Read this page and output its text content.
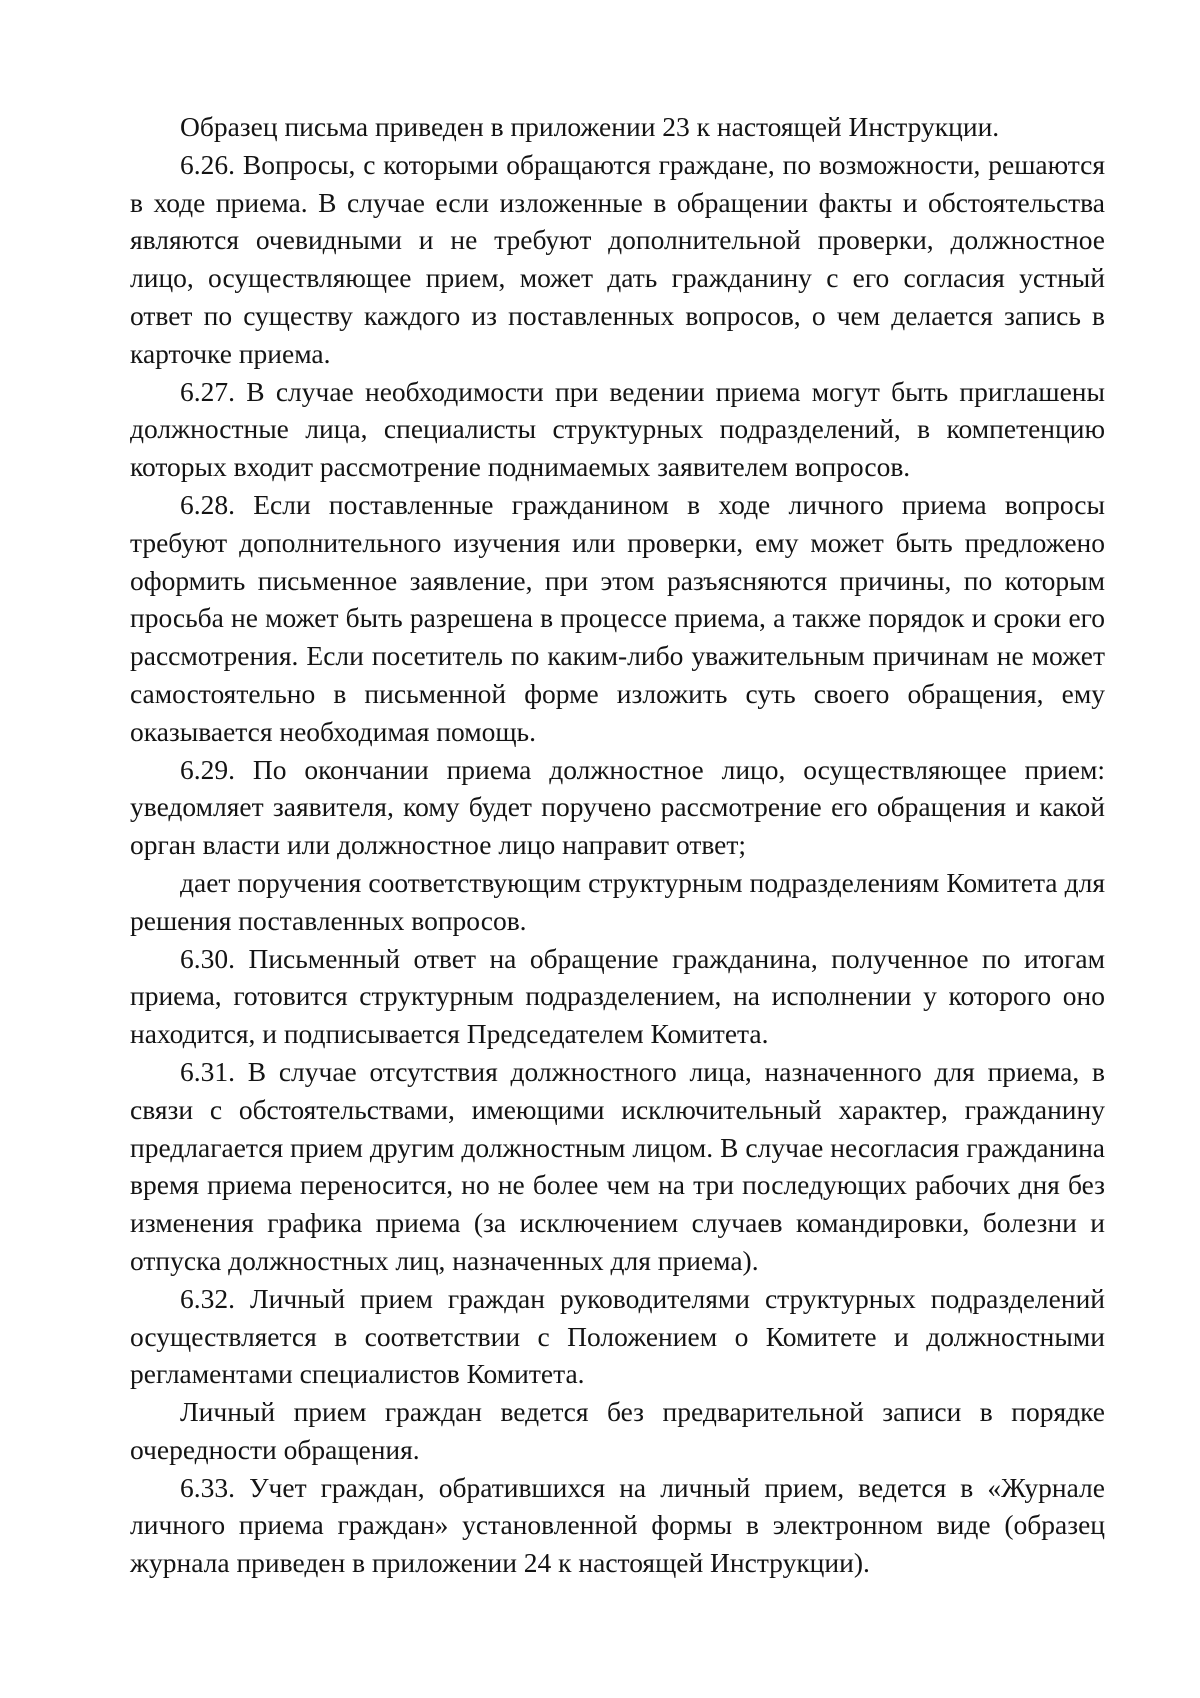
Образец письма приведен в приложении 23 к настоящей Инструкции.

6.26. Вопросы, с которыми обращаются граждане, по возможности, решаются в ходе приема. В случае если изложенные в обращении факты и обстоятельства являются очевидными и не требуют дополнительной проверки, должностное лицо, осуществляющее прием, может дать гражданину с его согласия устный ответ по существу каждого из поставленных вопросов, о чем делается запись в карточке приема.

6.27. В случае необходимости при ведении приема могут быть приглашены должностные лица, специалисты структурных подразделений, в компетенцию которых входит рассмотрение поднимаемых заявителем вопросов.

6.28. Если поставленные гражданином в ходе личного приема вопросы требуют дополнительного изучения или проверки, ему может быть предложено оформить письменное заявление, при этом разъясняются причины, по которым просьба не может быть разрешена в процессе приема, а также порядок и сроки его рассмотрения. Если посетитель по каким-либо уважительным причинам не может самостоятельно в письменной форме изложить суть своего обращения, ему оказывается необходимая помощь.

6.29. По окончании приема должностное лицо, осуществляющее прием: уведомляет заявителя, кому будет поручено рассмотрение его обращения и какой орган власти или должностное лицо направит ответ;

дает поручения соответствующим структурным подразделениям Комитета для решения поставленных вопросов.

6.30. Письменный ответ на обращение гражданина, полученное по итогам приема, готовится структурным подразделением, на исполнении у которого оно находится, и подписывается Председателем Комитета.

6.31. В случае отсутствия должностного лица, назначенного для приема, в связи с обстоятельствами, имеющими исключительный характер, гражданину предлагается прием другим должностным лицом. В случае несогласия гражданина время приема переносится, но не более чем на три последующих рабочих дня без изменения графика приема (за исключением случаев командировки, болезни и отпуска должностных лиц, назначенных для приема).

6.32. Личный прием граждан руководителями структурных подразделений осуществляется в соответствии с Положением о Комитете и должностными регламентами специалистов Комитета.

Личный прием граждан ведется без предварительной записи в порядке очередности обращения.

6.33. Учет граждан, обратившихся на личный прием, ведется в «Журнале личного приема граждан» установленной формы в электронном виде (образец журнала приведен в приложении 24 к настоящей Инструкции).
